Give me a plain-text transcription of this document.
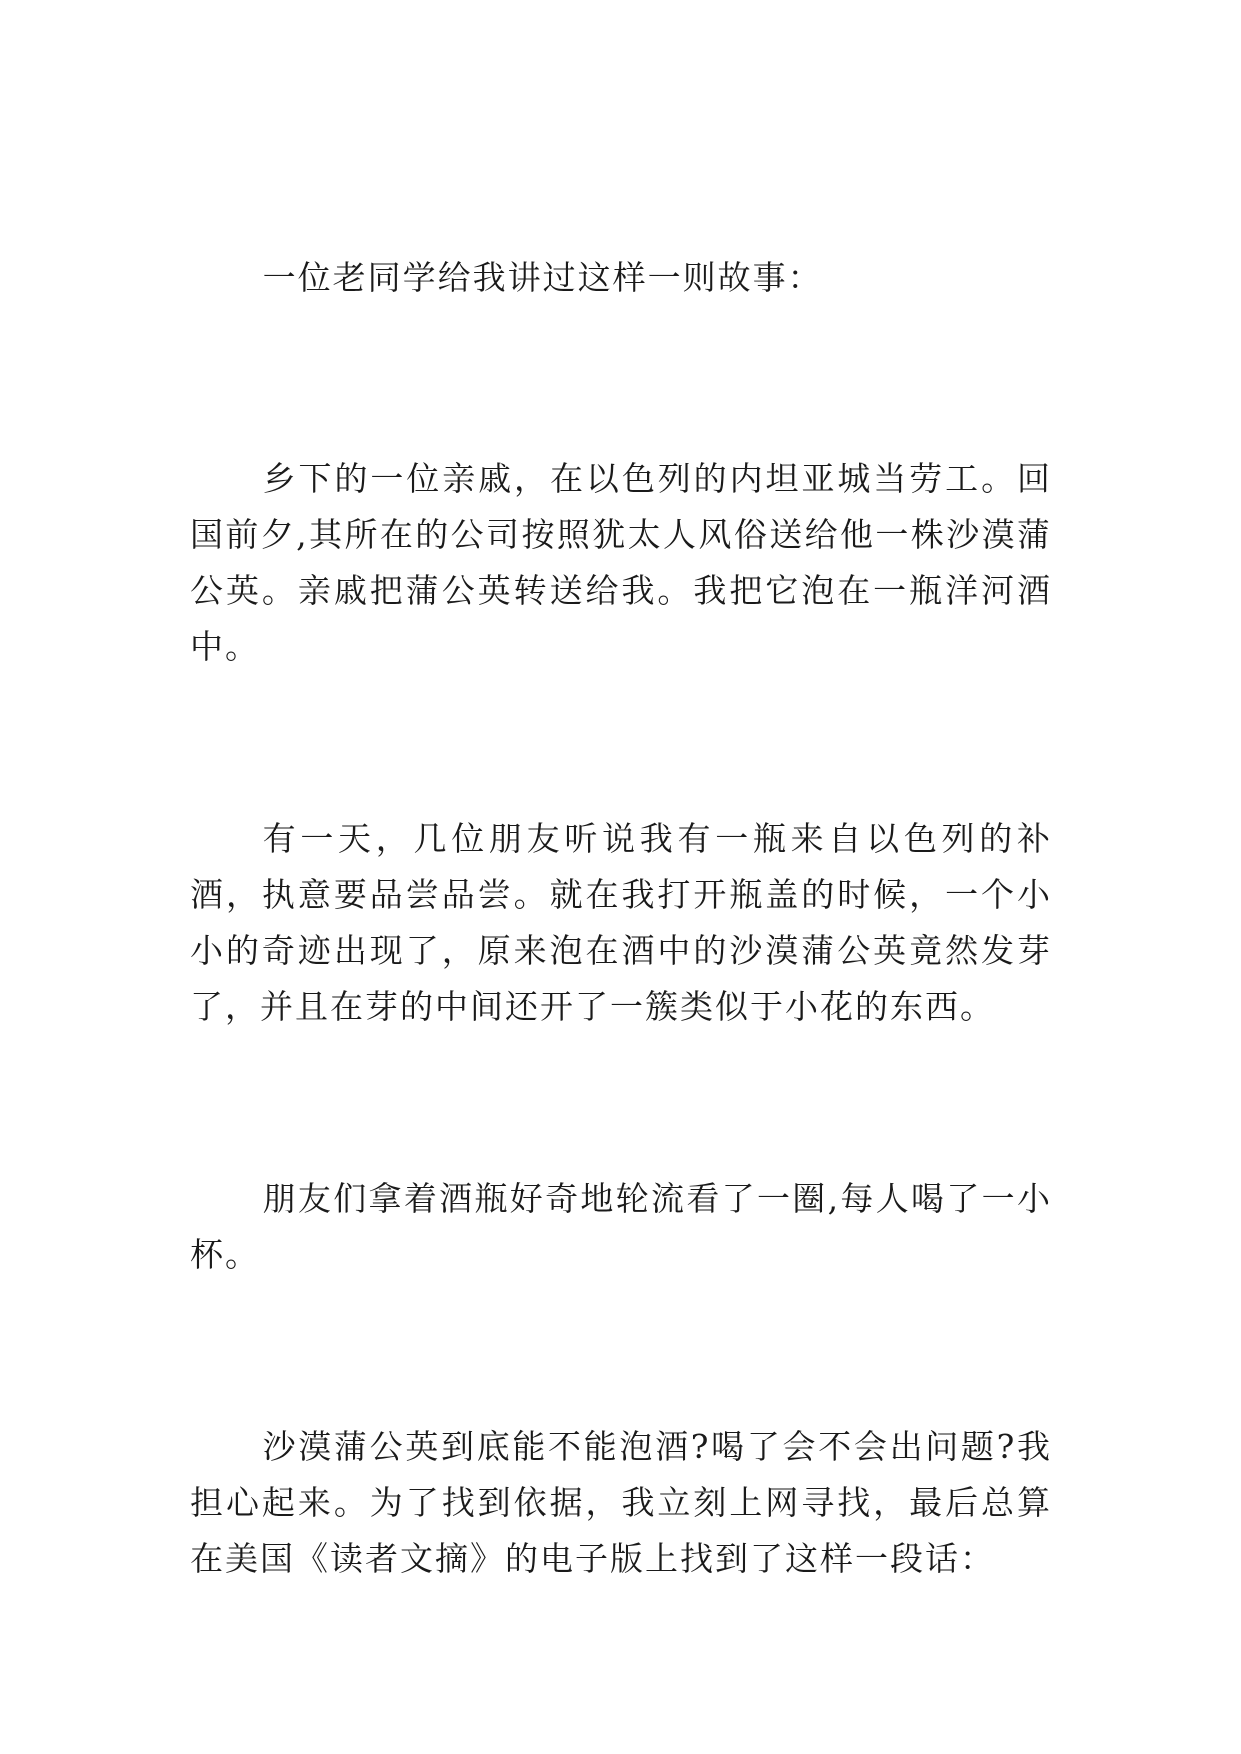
一位老同学给我讲过这样一则故事：

乡下的一位亲戚，在以色列的内坦亚城当劳工。回国前夕,其所在的公司按照犹太人风俗送给他一株沙漠蒲公英。亲戚把蒲公英转送给我。我把它泡在一瓶洋河酒中。

有一天，几位朋友听说我有一瓶来自以色列的补酒，执意要品尝品尝。就在我打开瓶盖的时候，一个小小的奇迹出现了，原来泡在酒中的沙漠蒲公英竟然发芽了，并且在芽的中间还开了一簇类似于小花的东西。

朋友们拿着酒瓶好奇地轮流看了一圈,每人喝了一小杯。

沙漠蒲公英到底能不能泡酒?喝了会不会出问题?我担心起来。为了找到依据，我立刻上网寻找，最后总算在美国《读者文摘》的电子版上找到了这样一段话：
